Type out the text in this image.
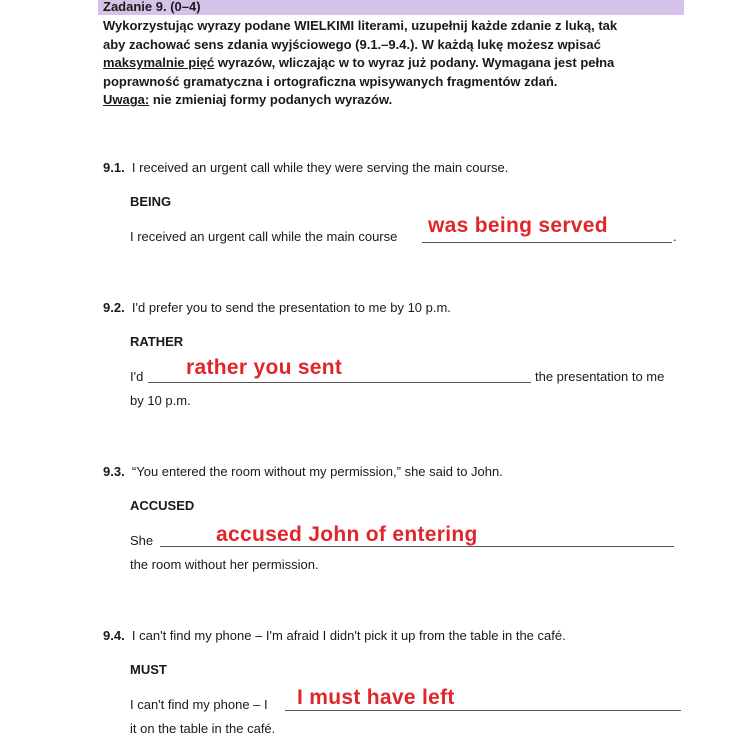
Zadanie 9. (0–4)
Wykorzystując wyrazy podane WIELKIMI literami, uzupełnij każde zdanie z luką, tak
aby zachować sens zdania wyjściowego (9.1.–9.4.). W każdą lukę możesz wpisać
maksymalnie pięć wyrazów, wliczając w to wyraz już podany. Wymagana jest pełna
poprawność gramatyczna i ortograficzna wpisywanych fragmentów zdań.
Uwaga: nie zmieniaj formy podanych wyrazów.
9.1. I received an urgent call while they were serving the main course.
BEING
I received an urgent call while the main course	.
was being served
9.2. I'd prefer you to send the presentation to me by 10 p.m.
RATHER
I'd	the presentation to me
by 10 p.m.
rather you sent
9.3. “You entered the room without my permission,” she said to John.
ACCUSED
She
the room without her permission.
accused John of entering
9.4. I can't find my phone – I'm afraid I didn't pick it up from the table in the café.
MUST
I can't find my phone – I
it on the table in the café.
I must have left
